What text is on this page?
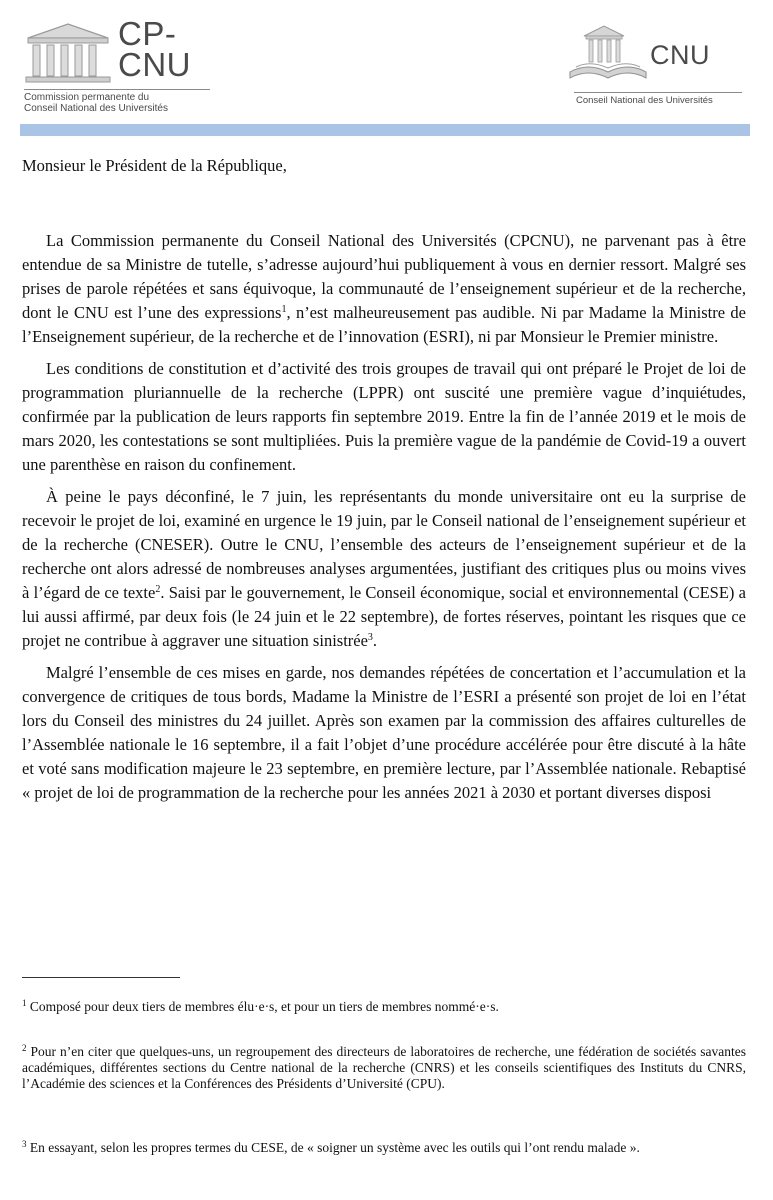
CP-
CNU
Commission permanente du
Conseil National des Universités
CNU
Conseil National des Universités

Monsieur le Président de la République,

La Commission permanente du Conseil National des Universités (CPCNU), ne parvenant pas à être entendue de sa Ministre de tutelle, s’adresse aujourd’hui publiquement à vous en dernier ressort. Malgré ses prises de parole répétées et sans équivoque, la communauté de l’enseignement supérieur et de la recherche, dont le CNU est l’une des expressions$^1$, n’est malheureusement pas audible. Ni par Madame la Ministre de l’Enseignement supérieur, de la recherche et de l’innovation (ESRI), ni par Monsieur le Premier ministre.

Les conditions de constitution et d’activité des trois groupes de travail qui ont préparé le Projet de loi de programmation pluriannuelle de la recherche (LPPR) ont suscité une première vague d’inquiétudes, confirmée par la publication de leurs rapports fin septembre 2019. Entre la fin de l’année 2019 et le mois de mars 2020, les contestations se sont multipliées. Puis la première vague de la pandémie de Covid-19 a ouvert une parenthèse en raison du confinement.

À peine le pays déconfiné, le 7 juin, les représentants du monde universitaire ont eu la surprise de recevoir le projet de loi, examiné en urgence le 19 juin, par le Conseil national de l’enseignement supérieur et de la recherche (CNESER). Outre le CNU, l’ensemble des acteurs de l’enseignement supérieur et de la recherche ont alors adressé de nombreuses analyses argumentées, justifiant des critiques plus ou moins vives à l’égard de ce texte$^2$. Saisi par le gouvernement, le Conseil économique, social et environnemental (CESE) a lui aussi affirmé, par deux fois (le 24 juin et le 22 septembre), de fortes réserves, pointant les risques que ce projet ne contribue à aggraver une situation sinistrée$^3$.

Malgré l’ensemble de ces mises en garde, nos demandes répétées de concertation et l’accumulation et la convergence de critiques de tous bords, Madame la Ministre de l’ESRI a présenté son projet de loi en l’état lors du Conseil des ministres du 24 juillet. Après son examen par la commission des affaires culturelles de l’Assemblée nationale le 16 septembre, il a fait l’objet d’une procédure accélérée pour être discuté à la hâte et voté sans modification majeure le 23 septembre, en première lecture, par l’Assemblée nationale. Rebaptisé « projet de loi de programmation de la recherche pour les années 2021 à 2030 et portant diverses disposi

$^1$ Composé pour deux tiers de membres élu·e·s, et pour un tiers de membres nommé·e·s.

$^2$ Pour n’en citer que quelques-uns, un regroupement des directeurs de laboratoires de recherche, une fédération de sociétés savantes académiques, différentes sections du Centre national de la recherche (CNRS) et les conseils scientifiques des Instituts du CNRS, l’Académie des sciences et la Conférences des Présidents d’Université (CPU).

$^3$ En essayant, selon les propres termes du CESE, de « soigner un système avec les outils qui l’ont rendu malade ».
